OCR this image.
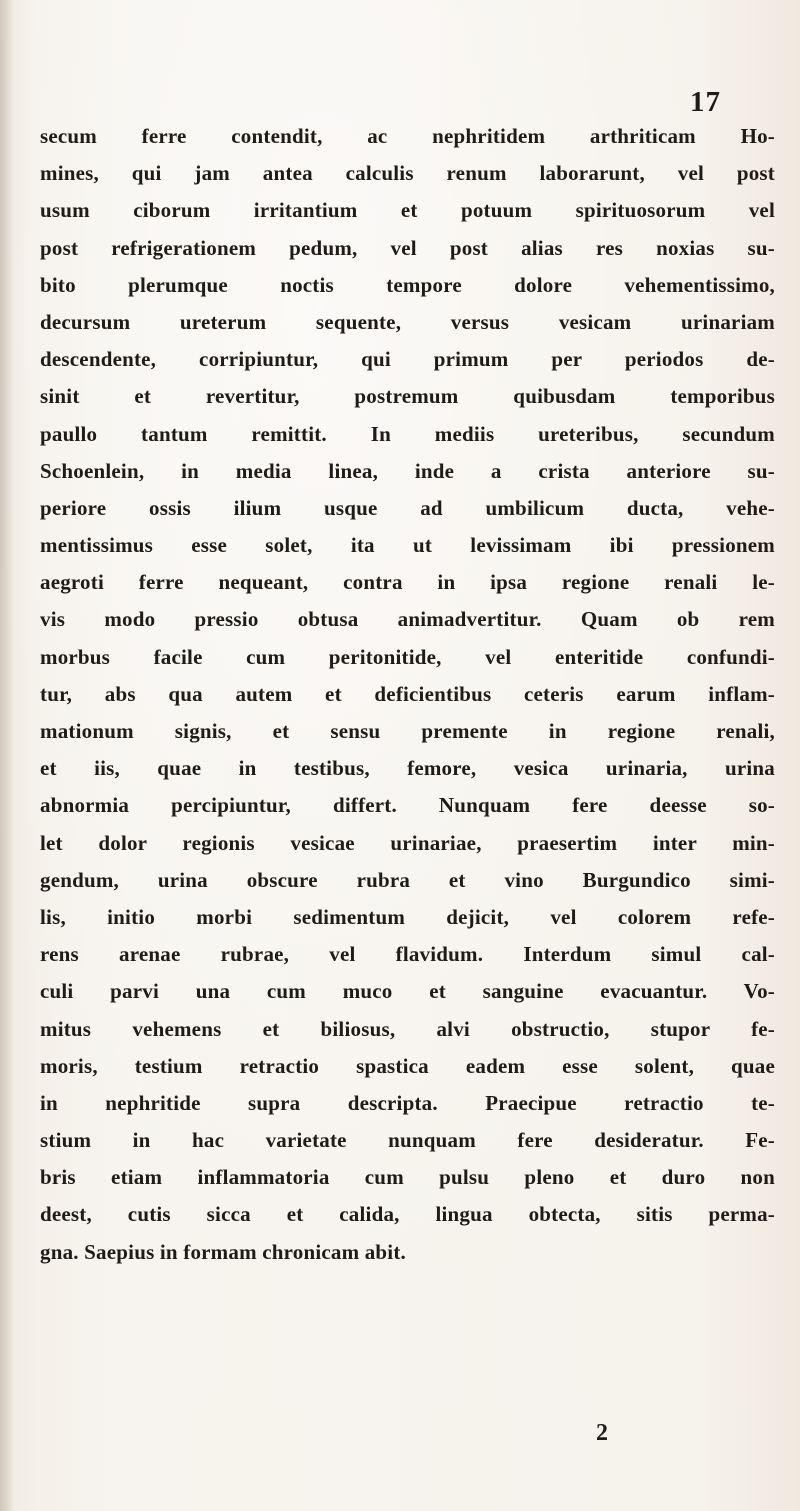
17
secum ferre contendit, ac nephritidem arthriticam Ho-
mines, qui jam antea calculis renum laborarunt, vel post
usum ciborum irritantium et potuum spirituosorum vel
post refrigerationem pedum, vel post alias res noxias su-
bito plerumque noctis tempore dolore vehementissimo,
decursum ureterum sequente, versus vesicam urinariam
descendente, corripiuntur, qui primum per periodos de-
sinit et revertitur, postremum quibusdam temporibus
paullo tantum remittit. In mediis ureteribus, secundum
Schoenlein, in media linea, inde a crista anteriore su-
periore ossis ilium usque ad umbilicum ducta, vehe-
mentissimus esse solet, ita ut levissimam ibi pressionem
aegroti ferre nequeant, contra in ipsa regione renali le-
vis modo pressio obtusa animadvertitur. Quam ob rem
morbus facile cum peritonitide, vel enteritide confundi-
tur, abs qua autem et deficientibus ceteris earum inflam-
mationum signis, et sensu premente in regione renali,
et iis, quae in testibus, femore, vesica urinaria, urina
abnormia percipiuntur, differt. Nunquam fere deesse so-
let dolor regionis vesicae urinariae, praesertim inter min-
gendum, urina obscure rubra et vino Burgundico simi-
lis, initio morbi sedimentum dejicit, vel colorem refe-
rens arenae rubrae, vel flavidum. Interdum simul cal-
culi parvi una cum muco et sanguine evacuantur. Vo-
mitus vehemens et biliosus, alvi obstructio, stupor fe-
moris, testium retractio spastica eadem esse solent, quae
in nephritide supra descripta. Praecipue retractio te-
stium in hac varietate nunquam fere desideratur. Fe-
bris etiam inflammatoria cum pulsu pleno et duro non
deest, cutis sicca et calida, lingua obtecta, sitis perma-
gna. Saepius in formam chronicam abit.
2
